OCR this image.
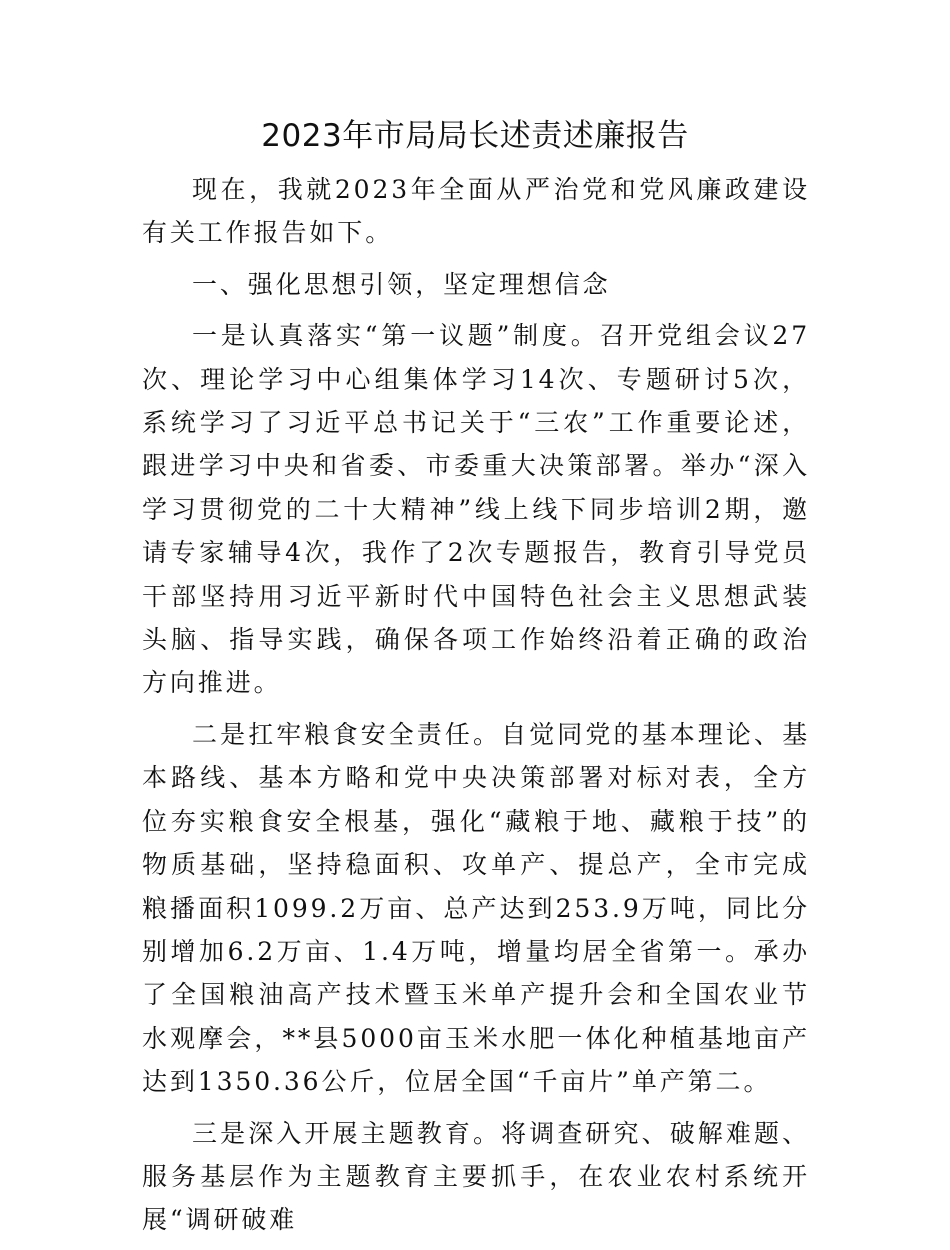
2023年市局局长述责述廉报告

现在，我就2023年全面从严治党和党风廉政建设有关工作报告如下。

一、强化思想引领，坚定理想信念

一是认真落实“第一议题”制度。召开党组会议27次、理论学习中心组集体学习14次、专题研讨5次，系统学习了习近平总书记关于“三农”工作重要论述，跟进学习中央和省委、市委重大决策部署。举办“深入学习贯彻党的二十大精神”线上线下同步培训2期，邀请专家辅导4次，我作了2次专题报告，教育引导党员干部坚持用习近平新时代中国特色社会主义思想武装头脑、指导实践，确保各项工作始终沿着正确的政治方向推进。

二是扛牢粮食安全责任。自觉同党的基本理论、基本路线、基本方略和党中央决策部署对标对表，全方位夯实粮食安全根基，强化“藏粮于地、藏粮于技”的物质基础，坚持稳面积、攻单产、提总产，全市完成粮播面积1099.2万亩、总产达到253.9万吨，同比分别增加6.2万亩、1.4万吨，增量均居全省第一。承办了全国粮油高产技术暨玉米单产提升会和全国农业节水观摩会，**县5000亩玉米水肥一体化种植基地亩产达到1350.36公斤，位居全国“千亩片”单产第二。

三是深入开展主题教育。将调查研究、破解难题、服务基层作为主题教育主要抓手，在农业农村系统开展“调研破难
